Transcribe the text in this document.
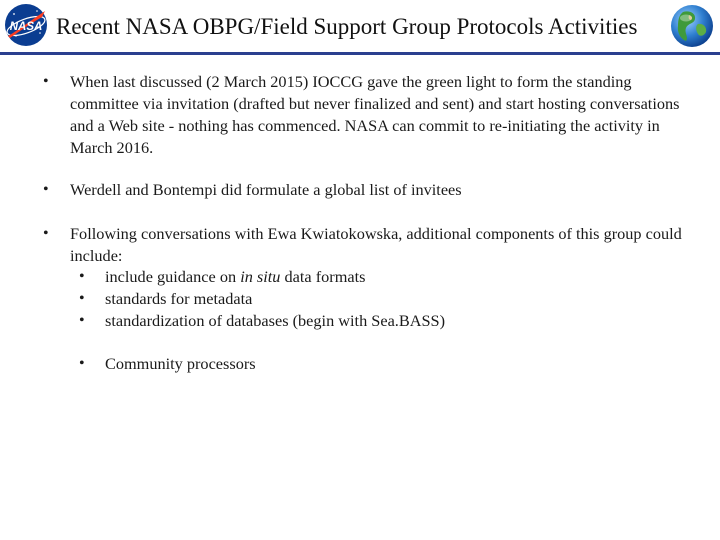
NASA Recent NASA OBPG/Field Support Group Protocols Activities
• When last discussed (2 March 2015) IOCCG gave the green light to form the standing committee via invitation (drafted but never finalized and sent) and start hosting conversations and a Web site - nothing has commenced. NASA can commit to re-initiating the activity in March 2016.
• Werdell and Bontempi did formulate a global list of invitees
• Following conversations with Ewa Kwiatokowska, additional components of this group could include:
• include guidance on in situ data formats
• standards for metadata
• standardization of databases (begin with Sea.BASS)
• Community processors
